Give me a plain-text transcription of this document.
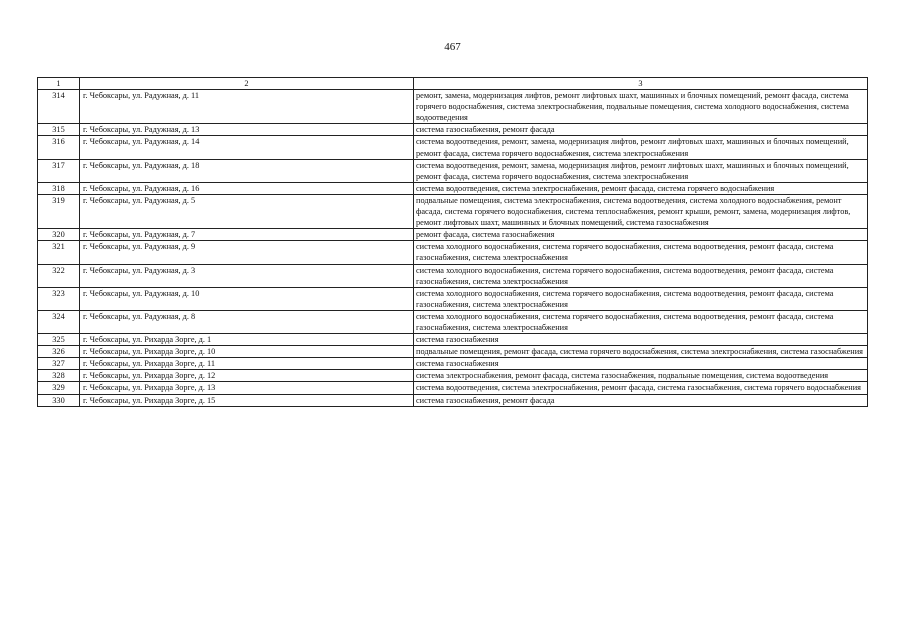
467
1	2	3
314	г. Чебоксары, ул. Радужная, д. 11	ремонт, замена, модернизация лифтов, ремонт лифтовых шахт, машинных и блочных помещений, ремонт фасада, система горячего водоснабжения, система электроснабжения, подвальные помещения, система холодного водоснабжения, система водоотведения
315	г. Чебоксары, ул. Радужная, д. 13	система газоснабжения, ремонт фасада
316	г. Чебоксары, ул. Радужная, д. 14	система водоотведения, ремонт, замена, модернизация лифтов, ремонт лифтовых шахт, машинных и блочных помещений, ремонт фасада, система горячего водоснабжения, система электроснабжения
317	г. Чебоксары, ул. Радужная, д. 18	система водоотведения, ремонт, замена, модернизация лифтов, ремонт лифтовых шахт, машинных и блочных помещений, ремонт фасада, система горячего водоснабжения, система электроснабжения
318	г. Чебоксары, ул. Радужная, д. 16	система водоотведения, система электроснабжения, ремонт фасада, система горячего водоснабжения
319	г. Чебоксары, ул. Радужная, д. 5	подвальные помещения, система электроснабжения, система водоотведения, система холодного водоснабжения, ремонт фасада, система горячего водоснабжения, система теплоснабжения, ремонт крыши, ремонт, замена, модернизация лифтов, ремонт лифтовых шахт, машинных и блочных помещений, система газоснабжения
320	г. Чебоксары, ул. Радужная, д. 7	ремонт фасада, система газоснабжения
321	г. Чебоксары, ул. Радужная, д. 9	система холодного водоснабжения, система горячего водоснабжения, система водоотведения, ремонт фасада, система газоснабжения, система электроснабжения
322	г. Чебоксары, ул. Радужная, д. 3	система холодного водоснабжения, система горячего водоснабжения, система водоотведения, ремонт фасада, система газоснабжения, система электроснабжения
323	г. Чебоксары, ул. Радужная, д. 10	система холодного водоснабжения, система горячего водоснабжения, система водоотведения, ремонт фасада, система газоснабжения, система электроснабжения
324	г. Чебоксары, ул. Радужная, д. 8	система холодного водоснабжения, система горячего водоснабжения, система водоотведения, ремонт фасада, система газоснабжения, система электроснабжения
325	г. Чебоксары, ул. Рихарда Зорге, д. 1	система газоснабжения
326	г. Чебоксары, ул. Рихарда Зорге, д. 10	подвальные помещения, ремонт фасада, система горячего водоснабжения, система электроснабжения, система газоснабжения
327	г. Чебоксары, ул. Рихарда Зорге, д. 11	система газоснабжения
328	г. Чебоксары, ул. Рихарда Зорге, д. 12	система электроснабжения, ремонт фасада, система газоснабжения, подвальные помещения, система водоотведения
329	г. Чебоксары, ул. Рихарда Зорге, д. 13	система водоотведения, система электроснабжения, ремонт фасада, система газоснабжения, система горячего водоснабжения
330	г. Чебоксары, ул. Рихарда Зорге, д. 15	система газоснабжения, ремонт фасада
